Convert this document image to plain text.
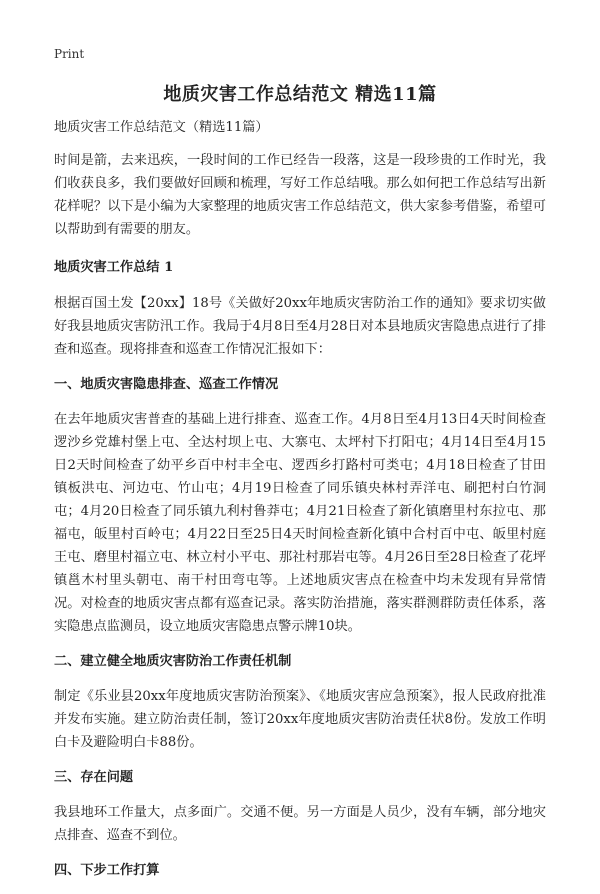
Print
地质灾害工作总结范文 精选11篇

地质灾害工作总结范文（精选11篇）

时间是箭，去来迅疾，一段时间的工作已经告一段落，这是一段珍贵的工作时光，我们收获良多，我们要做好回顾和梳理，写好工作总结哦。那么如何把工作总结写出新花样呢？以下是小编为大家整理的地质灾害工作总结范文，供大家参考借鉴，希望可以帮助到有需要的朋友。

地质灾害工作总结 1

根据百国土发【20xx】18号《关做好20xx年地质灾害防治工作的通知》要求切实做好我县地质灾害防汛工作。我局于4月8日至4月28日对本县地质灾害隐患点进行了排查和巡查。现将排查和巡查工作情况汇报如下：

一、地质灾害隐患排查、巡查工作情况

在去年地质灾害普查的基础上进行排查、巡查工作。4月8日至4月13日4天时间检查逻沙乡党雄村堡上屯、全达村坝上屯、大寨屯、太坪村下打阳屯；4月14日至4月15日2天时间检查了幼平乡百中村丰全屯、逻西乡打路村可类屯；4月18日检查了甘田镇板洪屯、河边屯、竹山屯；4月19日检查了同乐镇央林村弄洋屯、刷把村白竹洞屯；4月20日检查了同乐镇九利村鲁莽屯；4月21日检查了新化镇磨里村东拉屯、那福屯，皈里村百岭屯；4月22日至25日4天时间检查新化镇中合村百中屯、皈里村庭王屯、磨里村福立屯、林立村小平屯、那社村那岩屯等。4月26日至28日检查了花坪镇邕木村里头朝屯、南干村田弯屯等。上述地质灾害点在检查中均未发现有异常情况。对检查的地质灾害点都有巡查记录。落实防治措施，落实群测群防责任体系，落实隐患点监测员，设立地质灾害隐患点警示牌10块。

二、建立健全地质灾害防治工作责任机制

制定《乐业县20xx年度地质灾害防治预案》、《地质灾害应急预案》，报人民政府批准并发布实施。建立防治责任制，签订20xx年度地质灾害防治责任状8份。发放工作明白卡及避险明白卡88份。

三、存在问题

我县地环工作量大，点多面广。交通不便。另一方面是人员少，没有车辆，部分地灾点排查、巡查不到位。

四、下步工作打算
